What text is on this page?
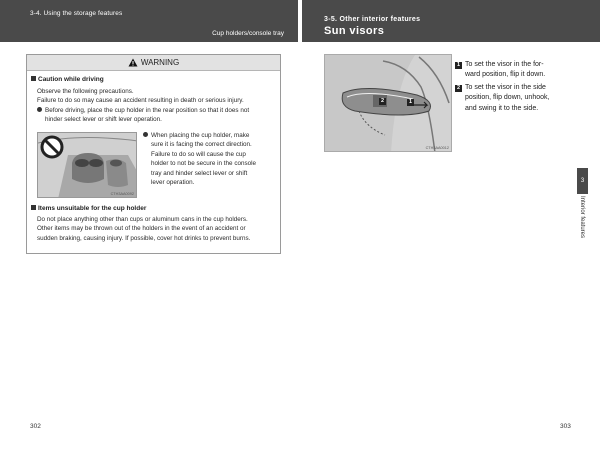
3-4. Using the storage features
Cup holders/console tray
3-5. Other interior features
Sun visors
WARNING
Caution while driving
Observe the following precautions.
Failure to do so may cause an accident resulting in death or serious injury.
Before driving, place the cup holder in the rear position so that it does not
hinder select lever or shift lever operation.
When placing the cup holder, make
sure it is facing the correct direction.
Failure to do so will cause the cup
holder to not be secure in the console
tray and hinder select lever or shift
lever operation.
Items unsuitable for the cup holder
Do not place anything other than cups or aluminum cans in the cup holders.
Other items may be thrown out of the holders in the event of an accident or
sudden braking, causing injury. If possible, cover hot drinks to prevent burns.
CTH3AA0092
2	1
CTH3AA0012
1 To set the visor in the for-
ward position, flip it down.
2 To set the visor in the side
position, flip down, unhook,
and swing it to the side.
3
Interior features
302	303
